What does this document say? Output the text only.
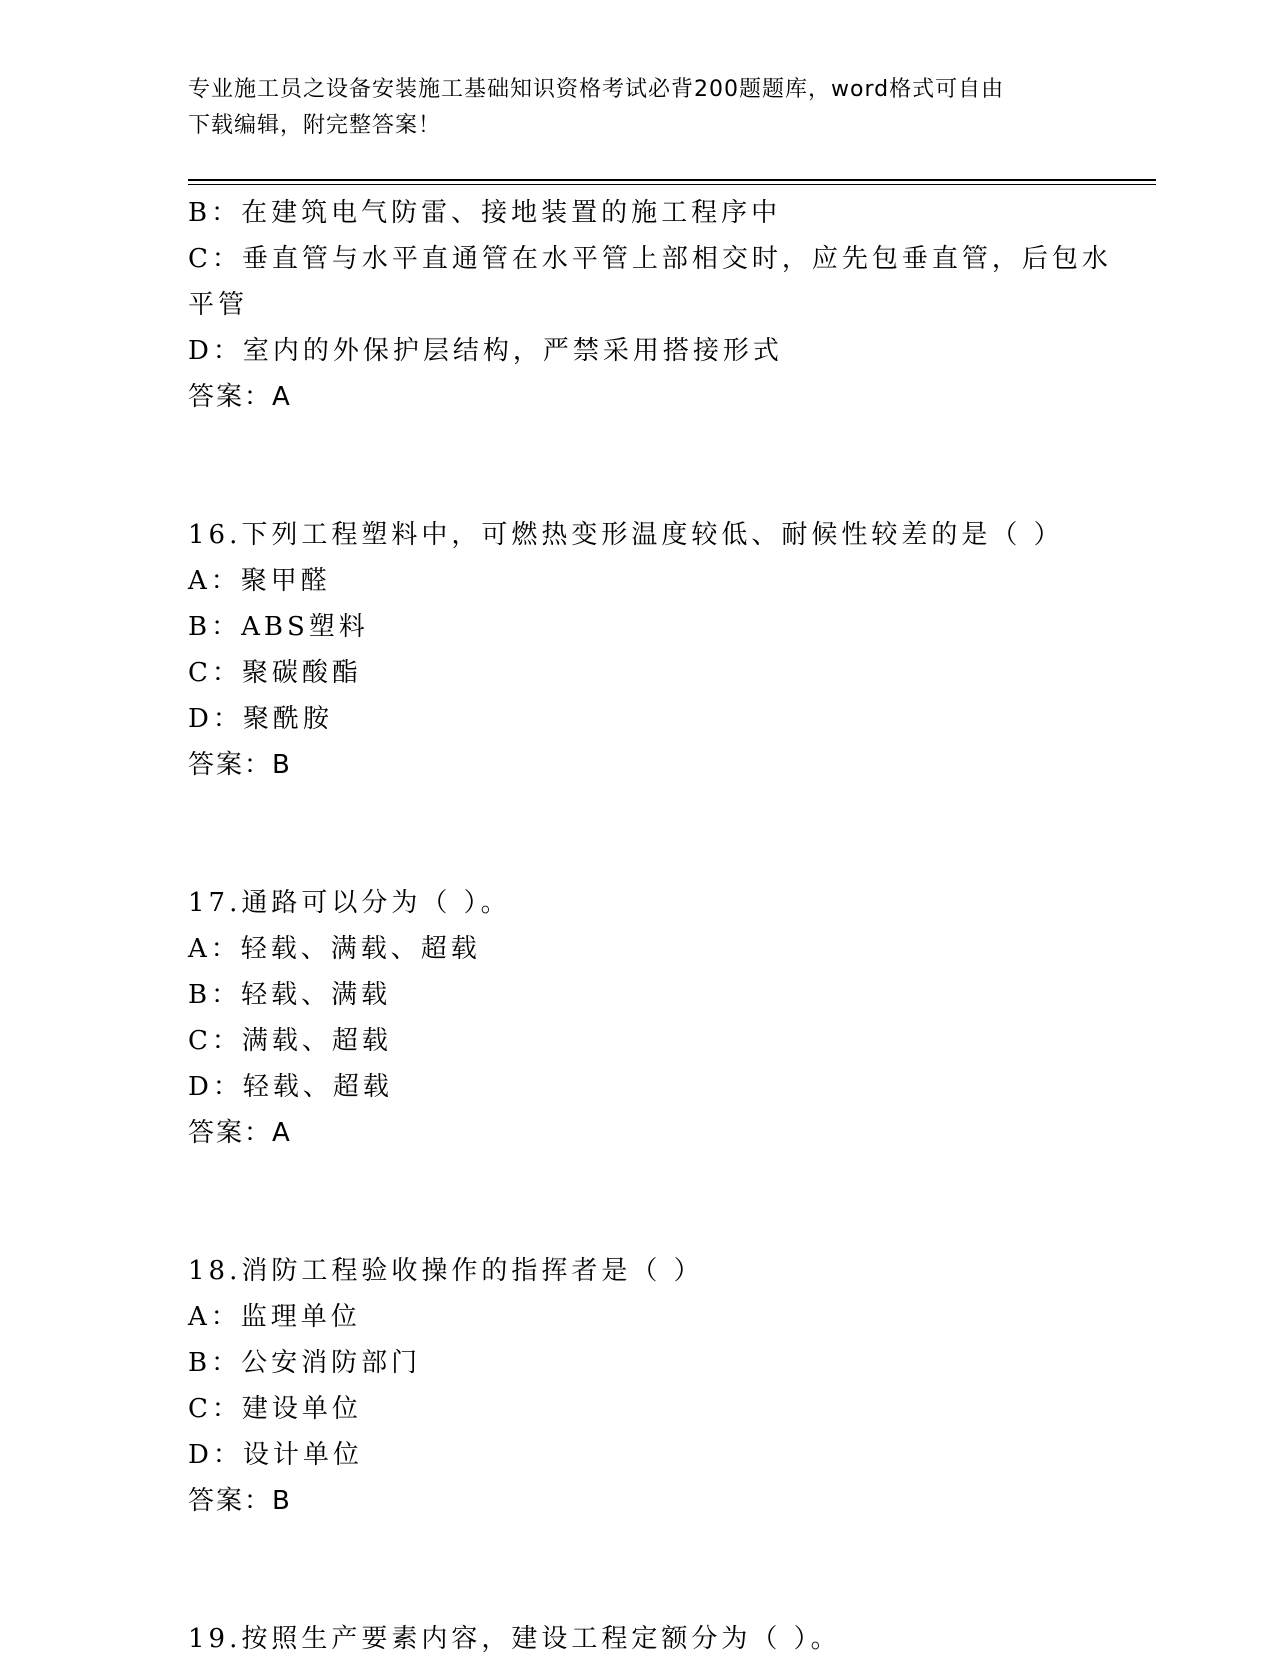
专业施工员之设备安装施工基础知识资格考试必背200题题库，word格式可自由
下载编辑，附完整答案！
B：在建筑电气防雷、接地装置的施工程序中
C：垂直管与水平直通管在水平管上部相交时，应先包垂直管，后包水
平管
D：室内的外保护层结构，严禁采用搭接形式
答案：A
16.下列工程塑料中，可燃热变形温度较低、耐候性较差的是（ ）
A：聚甲醛
B：ABS塑料
C：聚碳酸酯
D：聚酰胺
答案：B
17.通路可以分为（ ）。
A：轻载、满载、超载
B：轻载、满载
C：满载、超载
D：轻载、超载
答案：A
18.消防工程验收操作的指挥者是（ ）
A：监理单位
B：公安消防部门
C：建设单位
D：设计单位
答案：B
19.按照生产要素内容，建设工程定额分为（ ）。
